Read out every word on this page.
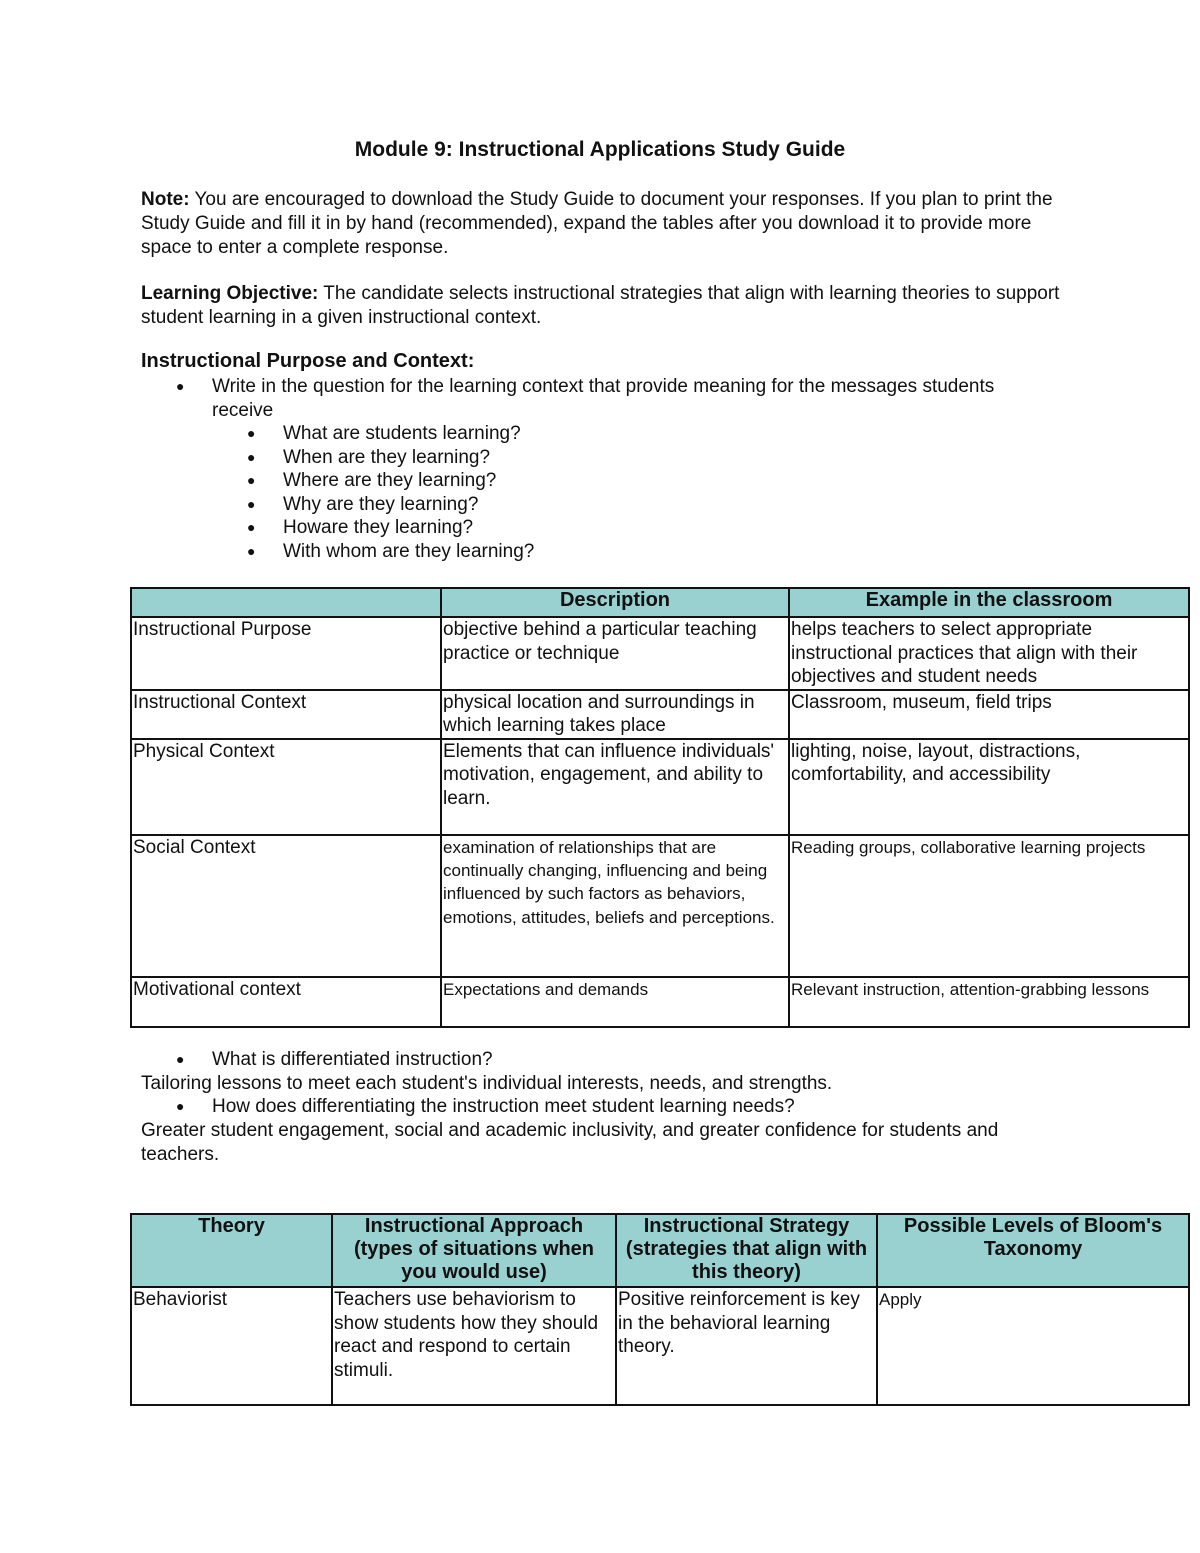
Module 9: Instructional Applications Study Guide
Note: You are encouraged to download the Study Guide to document your responses. If you plan to print the Study Guide and fill it in by hand (recommended), expand the tables after you download it to provide more space to enter a complete response.
Learning Objective: The candidate selects instructional strategies that align with learning theories to support student learning in a given instructional context.
Instructional Purpose and Context:
● Write in the question for the learning context that provide meaning for the messages students receive
● What are students learning?
● When are they learning?
● Where are they learning?
● Why are they learning?
● Howare they learning?
● With whom are they learning?
	Description	Example in the classroom
Instructional Purpose	objective behind a particular teaching practice or technique	helps teachers to select appropriate instructional practices that align with their objectives and student needs
Instructional Context	physical location and surroundings in which learning takes place	Classroom, museum, field trips
Physical Context	Elements that can influence individuals' motivation, engagement, and ability to learn.	lighting, noise, layout, distractions, comfortability, and accessibility
Social Context	examination of relationships that are continually changing, influencing and being influenced by such factors as behaviors, emotions, attitudes, beliefs and perceptions.	Reading groups, collaborative learning projects
Motivational context	Expectations and demands	Relevant instruction, attention-grabbing lessons
● What is differentiated instruction?
Tailoring lessons to meet each student's individual interests, needs, and strengths.
● How does differentiating the instruction meet student learning needs?
Greater student engagement, social and academic inclusivity, and greater confidence for students and teachers.
Theory	Instructional Approach (types of situations when you would use)	Instructional Strategy (strategies that align with this theory)	Possible Levels of Bloom's Taxonomy
Behaviorist	Teachers use behaviorism to show students how they should react and respond to certain stimuli.	Positive reinforcement is key in the behavioral learning theory.	Apply
